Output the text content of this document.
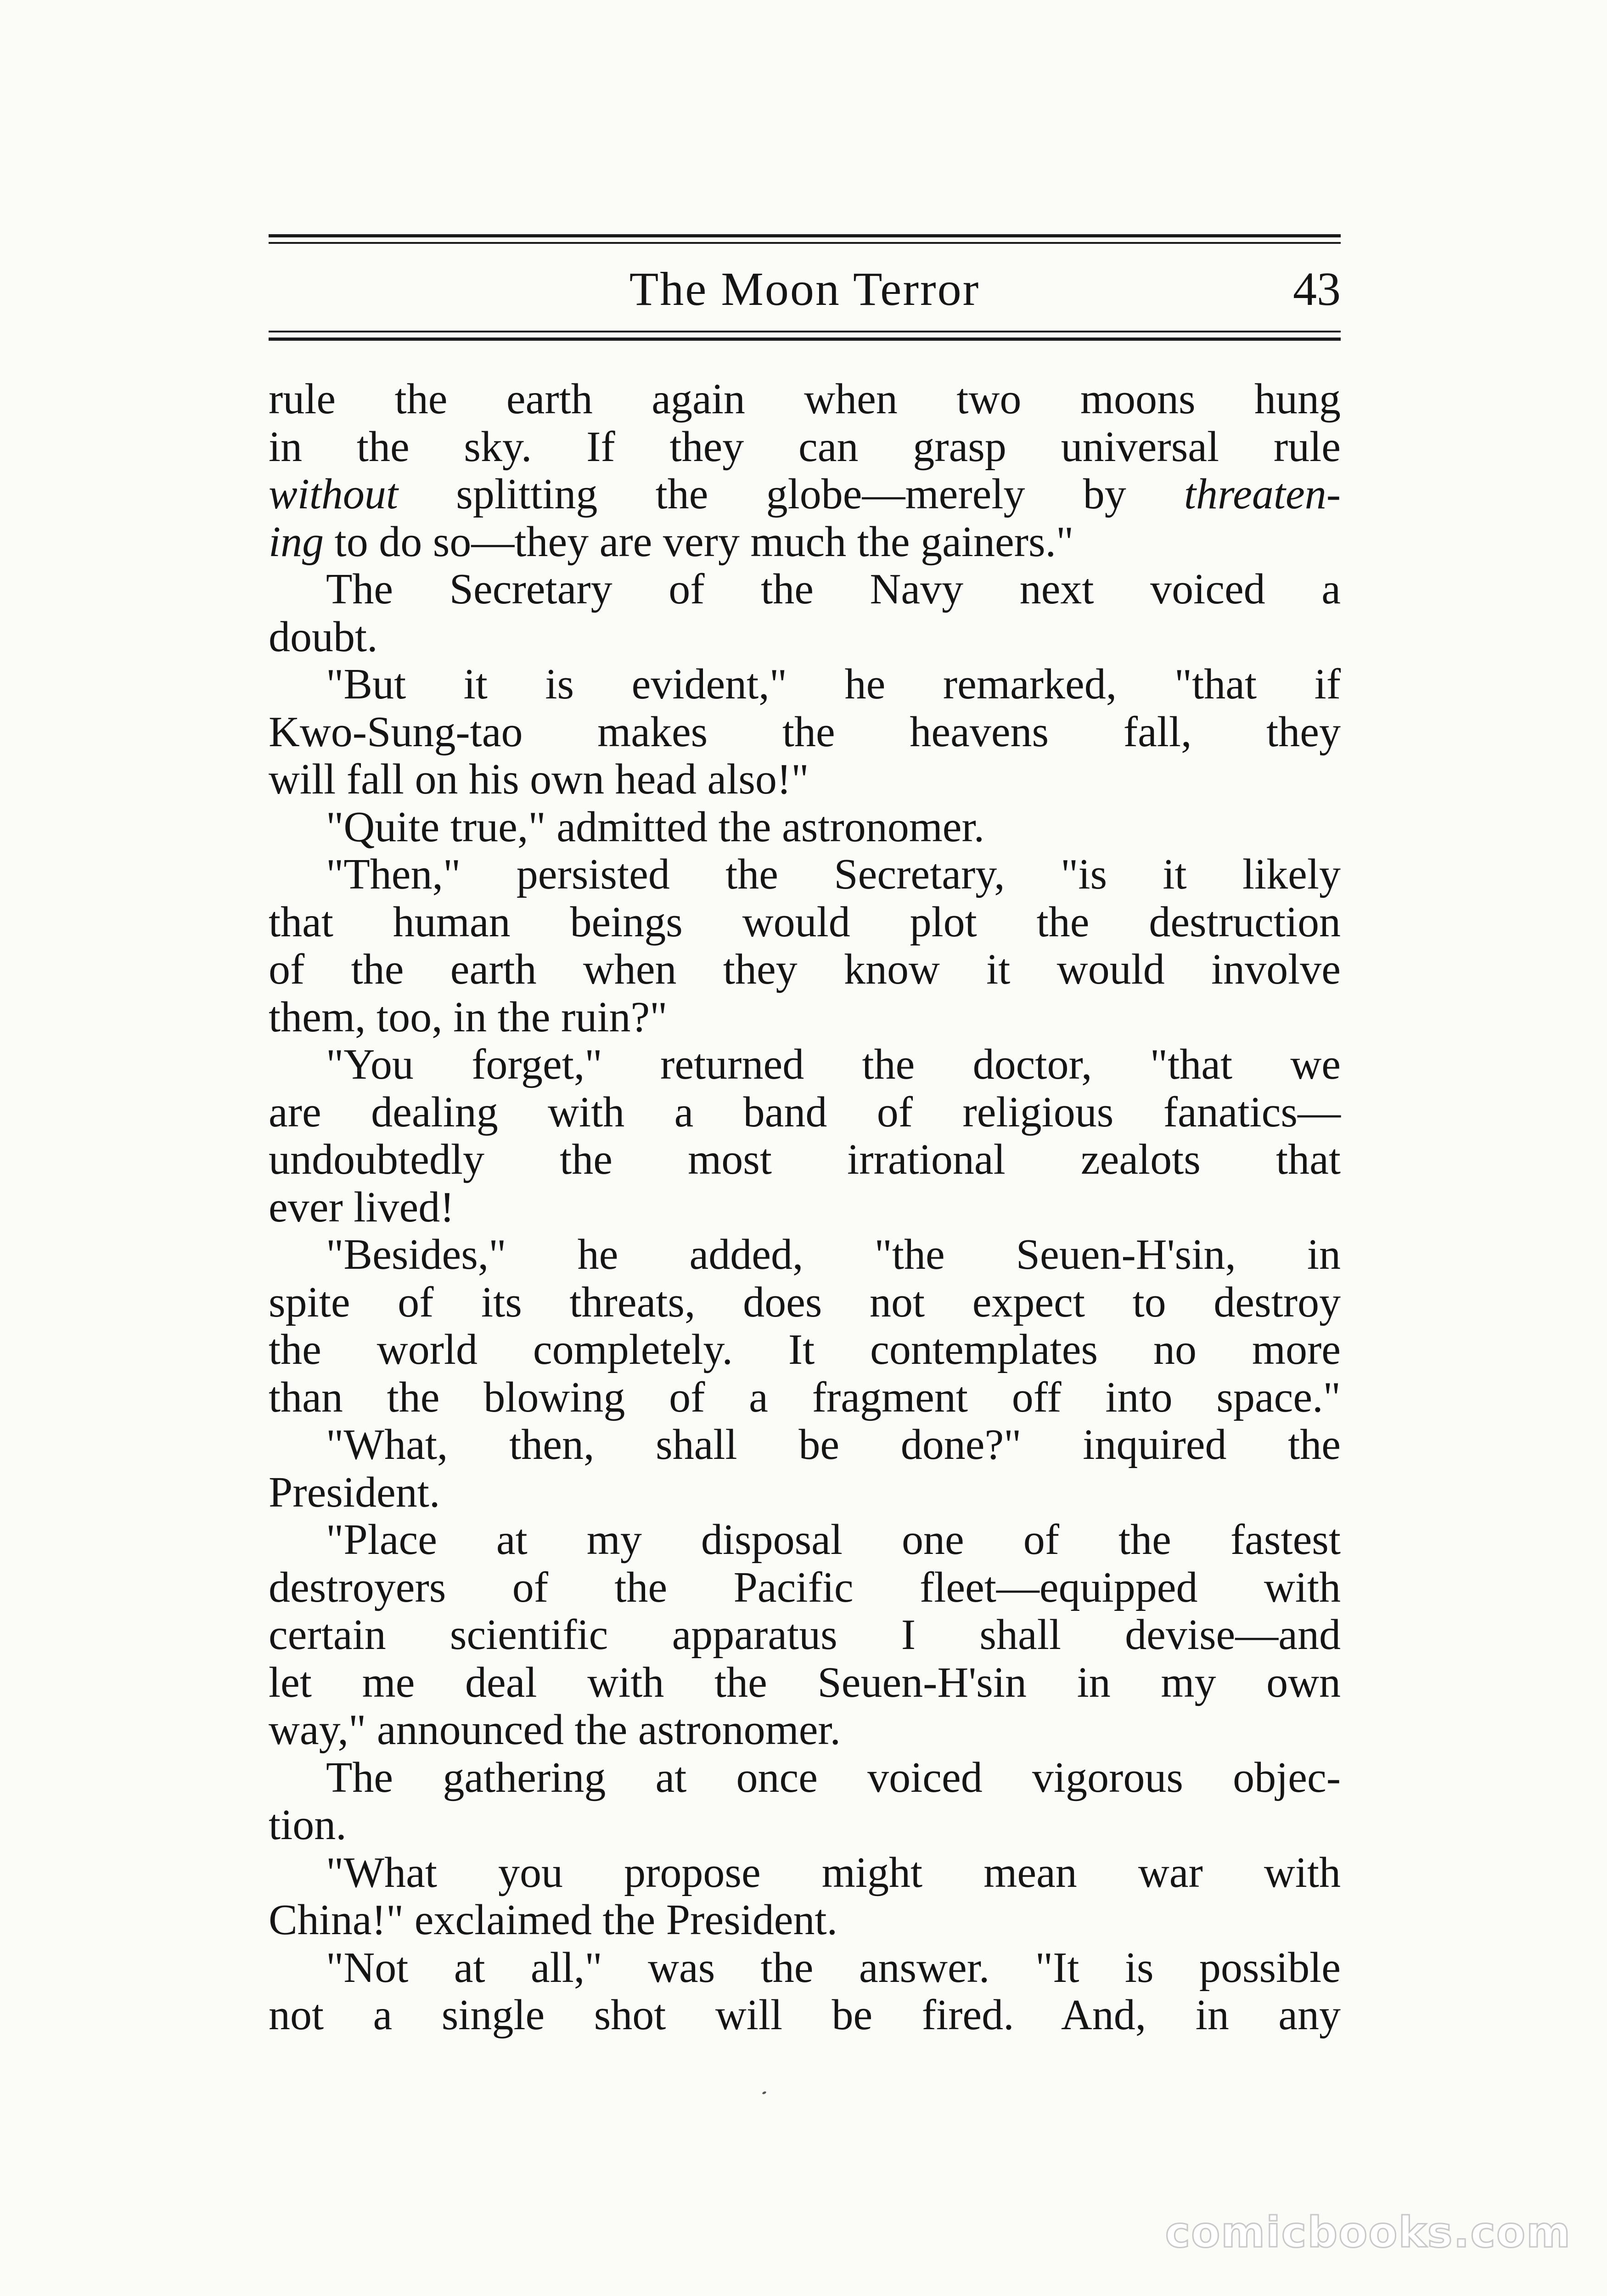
The Moon Terror	43
rule the earth again when two moons hung
in the sky. If they can grasp universal rule
without splitting the globe—merely by threaten-
ing to do so—they are very much the gainers."
The Secretary of the Navy next voiced a
doubt.
"But it is evident," he remarked, "that if
Kwo-Sung-tao makes the heavens fall, they
will fall on his own head also!"
"Quite true," admitted the astronomer.
"Then," persisted the Secretary, "is it likely
that human beings would plot the destruction
of the earth when they know it would involve
them, too, in the ruin?"
"You forget," returned the doctor, "that we
are dealing with a band of religious fanatics—
undoubtedly the most irrational zealots that
ever lived!
"Besides," he added, "the Seuen-H'sin, in
spite of its threats, does not expect to destroy
the world completely. It contemplates no more
than the blowing of a fragment off into space."
"What, then, shall be done?" inquired the
President.
"Place at my disposal one of the fastest
destroyers of the Pacific fleet—equipped with
certain scientific apparatus I shall devise—and
let me deal with the Seuen-H'sin in my own
way," announced the astronomer.
The gathering at once voiced vigorous objec-
tion.
"What you propose might mean war with
China!" exclaimed the President.
"Not at all," was the answer. "It is possible
not a single shot will be fired. And, in any
comicbooks.com
